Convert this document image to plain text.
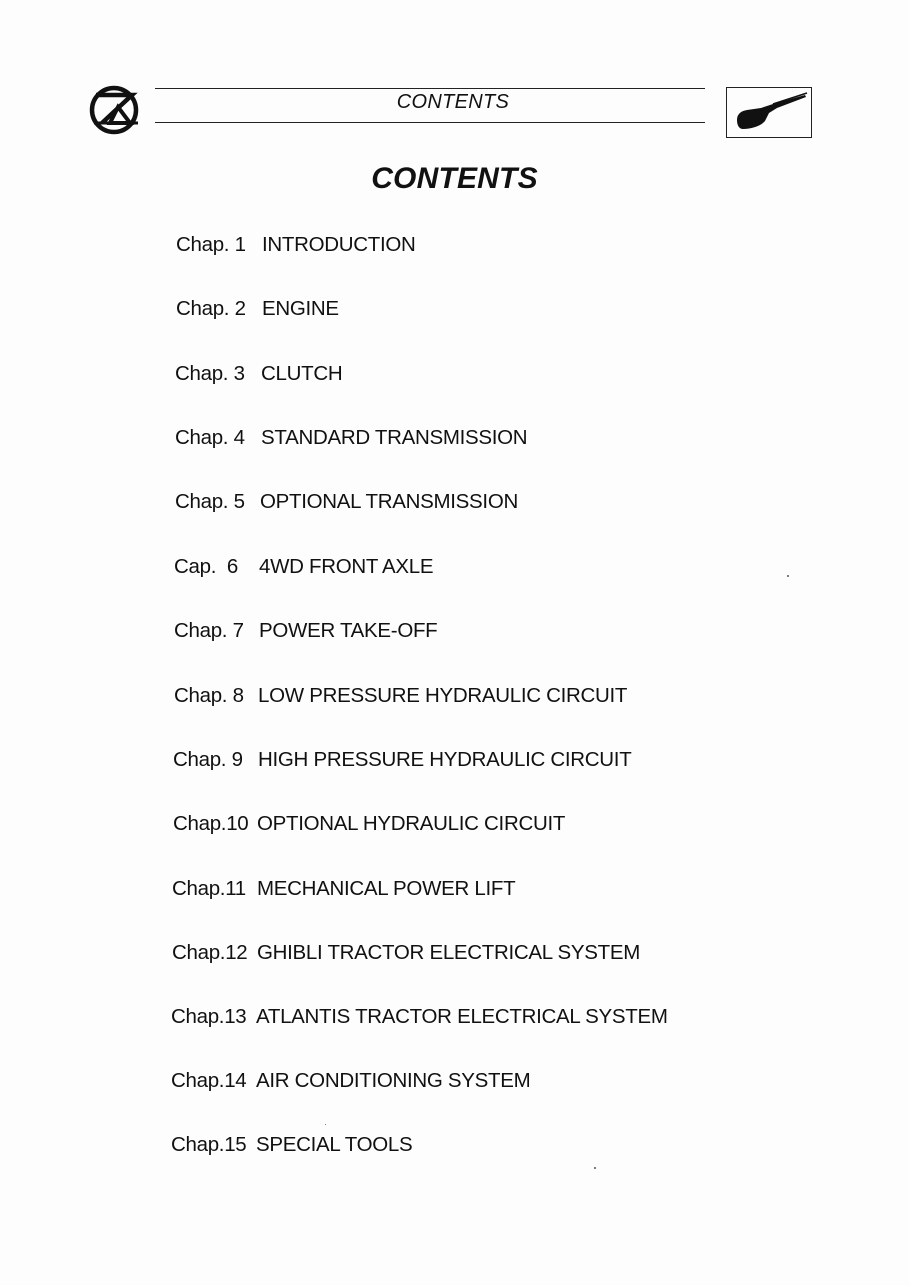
CONTENTS
CONTENTS
Chap. 1 INTRODUCTION
Chap. 2 ENGINE
Chap. 3 CLUTCH
Chap. 4 STANDARD TRANSMISSION
Chap. 5 OPTIONAL TRANSMISSION
Cap.  6 4WD FRONT AXLE
Chap. 7 POWER TAKE-OFF
Chap. 8 LOW PRESSURE HYDRAULIC CIRCUIT
Chap. 9 HIGH PRESSURE HYDRAULIC CIRCUIT
Chap.10 OPTIONAL HYDRAULIC CIRCUIT
Chap.11 MECHANICAL POWER LIFT
Chap.12 GHIBLI TRACTOR ELECTRICAL SYSTEM
Chap.13 ATLANTIS TRACTOR ELECTRICAL SYSTEM
Chap.14 AIR CONDITIONING SYSTEM
Chap.15 SPECIAL TOOLS
